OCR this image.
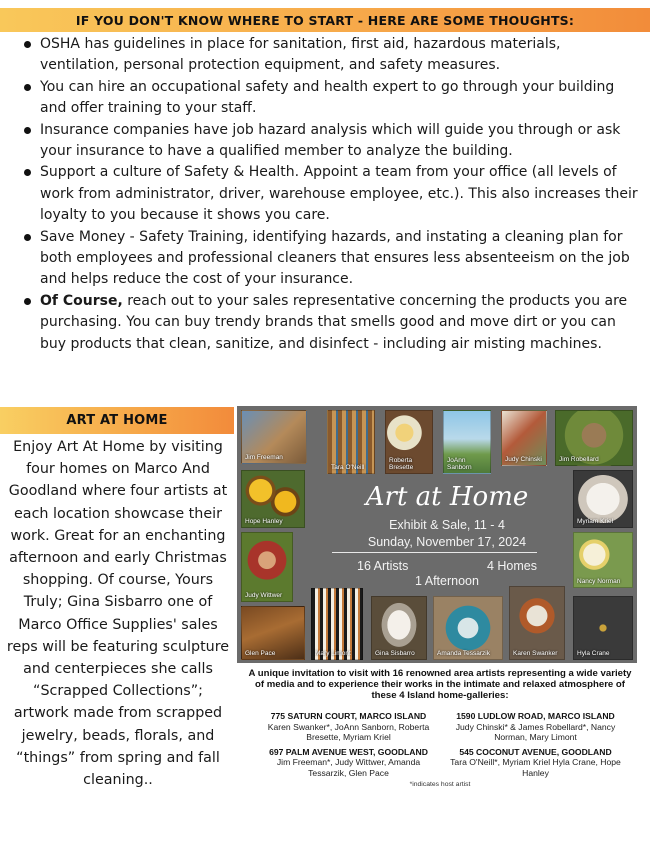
IF YOU DON'T KNOW WHERE TO START - HERE ARE SOME THOUGHTS:
OSHA has guidelines in place for sanitation, first aid, hazardous materials, ventilation, personal protection equipment, and safety measures.
You can hire an occupational safety and health expert to go through your building and offer training to your staff.
Insurance companies have job hazard analysis which will guide you through or ask your insurance to have a qualified member to analyze the building.
Support a culture of Safety & Health. Appoint a team from your office (all levels of work from administrator, driver, warehouse employee, etc.). This also increases their loyalty to you because it shows you care.
Save Money - Safety Training, identifying hazards, and instating a cleaning plan for both employees and professional cleaners that ensures less absenteeism on the job and helps reduce the cost of your insurance.
Of Course, reach out to your sales representative concerning the products you are purchasing. You can buy trendy brands that smells good and move dirt or you can buy products that clean, sanitize, and disinfect - including air misting machines.
ART AT HOME

Enjoy Art At Home by visiting four homes on Marco And Goodland where four artists at each location showcase their work. Great for an enchanting afternoon and early Christmas shopping. Of course, Yours Truly; Gina Sisbarro one of Marco Office Supplies' sales reps will be featuring sculpture and centerpieces she calls “Scrapped Collections”; artwork made from scrapped jewelry, beads, florals, and “things” from spring and fall cleaning..

Jim Freeman
Tara O'Neill
Roberta Bresette
JoAnn Sanborn
Judy Chinski	Jim Robellard
Hope Hanley	Myriam Kriel
Judy Wittwer
Nancy Norman
Glen Pace	Mary Limont	Gina Sisbarro	Amanda Tessarzik	Karen Swanker	Hyla Crane
Art at Home
Exhibit & Sale, 11 - 4
Sunday, November 17, 2024
16 Artists	4 Homes
1 Afternoon

A unique invitation to visit with 16 renowned area artists representing a wide variety of media and to experience their works in the intimate and relaxed atmosphere of these 4 Island home-galleries:

775 SATURN COURT, MARCO ISLAND
Karen Swanker*, JoAnn Sanborn, Roberta Bresette, Myriam Kriel
1590 LUDLOW ROAD, MARCO ISLAND
Judy Chinski* & James Robellard*, Nancy Norman, Mary Limont
697 PALM AVENUE WEST, GOODLAND
Jim Freeman*, Judy Wittwer, Amanda Tessarzik, Glen Pace
545 COCONUT AVENUE, GOODLAND
Tara O'Neill*, Myriam Kriel Hyla Crane, Hope Hanley
*indicates host artist
